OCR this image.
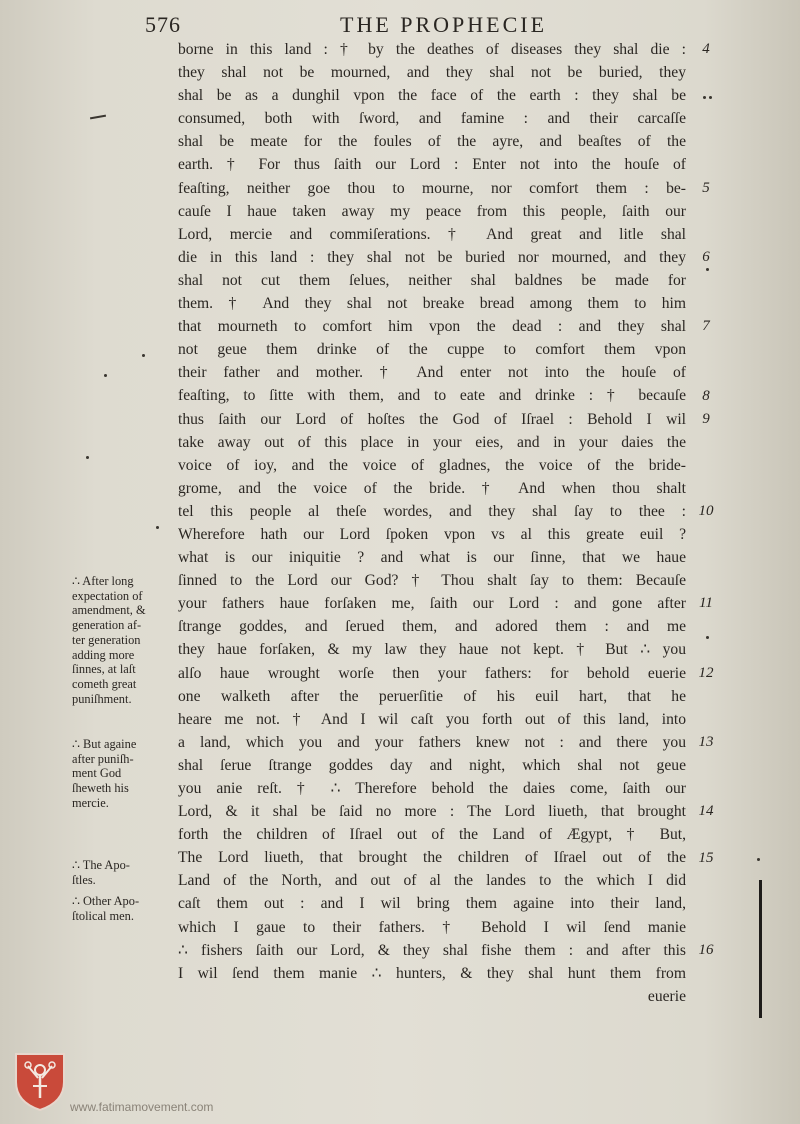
576	THE PROPHECIE
borne in this land : † by the deathes of diseases they shal die :
they shal not be mourned, and they shal not be buried, they
shal be as a dunghil vpon the face of the earth : they shal be
consumed, both with ſword, and famine : and their carcaſſe
shal be meate for the foules of the ayre, and beaſtes of the
earth. † For thus ſaith our Lord : Enter not into the houſe of
feaſting, neither goe thou to mourne, nor comfort them : be-
cauſe I haue taken away my peace from this people, ſaith our
Lord, mercie and commiſerations. † And great and litle shal
die in this land : they shal not be buried nor mourned, and they
shal not cut them ſelues, neither shal baldnes be made for
them. † And they shal not breake bread among them to him
that mourneth to comfort him vpon the dead : and they shal
not geue them drinke of the cuppe to comfort them vpon
their father and mother. † And enter not into the houſe of
feaſting, to ſitte with them, and to eate and drinke : † becauſe
thus ſaith our Lord of hoſtes the God of Iſrael : Behold I wil
take away out of this place in your eies, and in your daies the
voice of ioy, and the voice of gladnes, the voice of the bride-
grome, and the voice of the bride. † And when thou shalt
tel this people al theſe wordes, and they shal ſay to thee :
Wherefore hath our Lord ſpoken vpon vs al this greate euil ?
what is our iniquitie ? and what is our ſinne, that we haue
ſinned to the Lord our God? † Thou shalt ſay to them: Becauſe
your fathers haue forſaken me, ſaith our Lord : and gone after
ſtrange goddes, and ſerued them, and adored them : and me
they haue forſaken, & my law they haue not kept. † But ∴ you
alſo haue wrought worſe then your fathers: for behold euerie
one walketh after the peruerſitie of his euil hart, that he
heare me not. † And I wil caſt you forth out of this land, into
a land, which you and your fathers knew not : and there you
shal ſerue ſtrange goddes day and night, which shal not geue
you anie reſt. † ∴ Therefore behold the daies come, ſaith our
Lord, & it shal be ſaid no more : The Lord liueth, that brought
forth the children of Iſrael out of the Land of Ægypt, † But,
The Lord liueth, that brought the children of Iſrael out of the
Land of the North, and out of al the landes to the which I did
caſt them out : and I wil bring them againe into their land,
which I gaue to their fathers. † Behold I wil ſend manie
∴ fishers ſaith our Lord, & they shal fishe them : and after this
I wil ſend them manie ∴ hunters, & they shal hunt them from
euerie
4
5
6
7
8
9
10
11
12
13
14
15
16
∴ After long
expectation of
amendment, &
generation af-
ter generation
adding more
ſinnes, at laſt
cometh great
puniſhment.
∴ But againe
after puniſh-
ment God
ſheweth his
mercie.
∴ The Apo-
ſtles.
∴ Other Apo-
ſtolical men.
www.fatimamovement.com
